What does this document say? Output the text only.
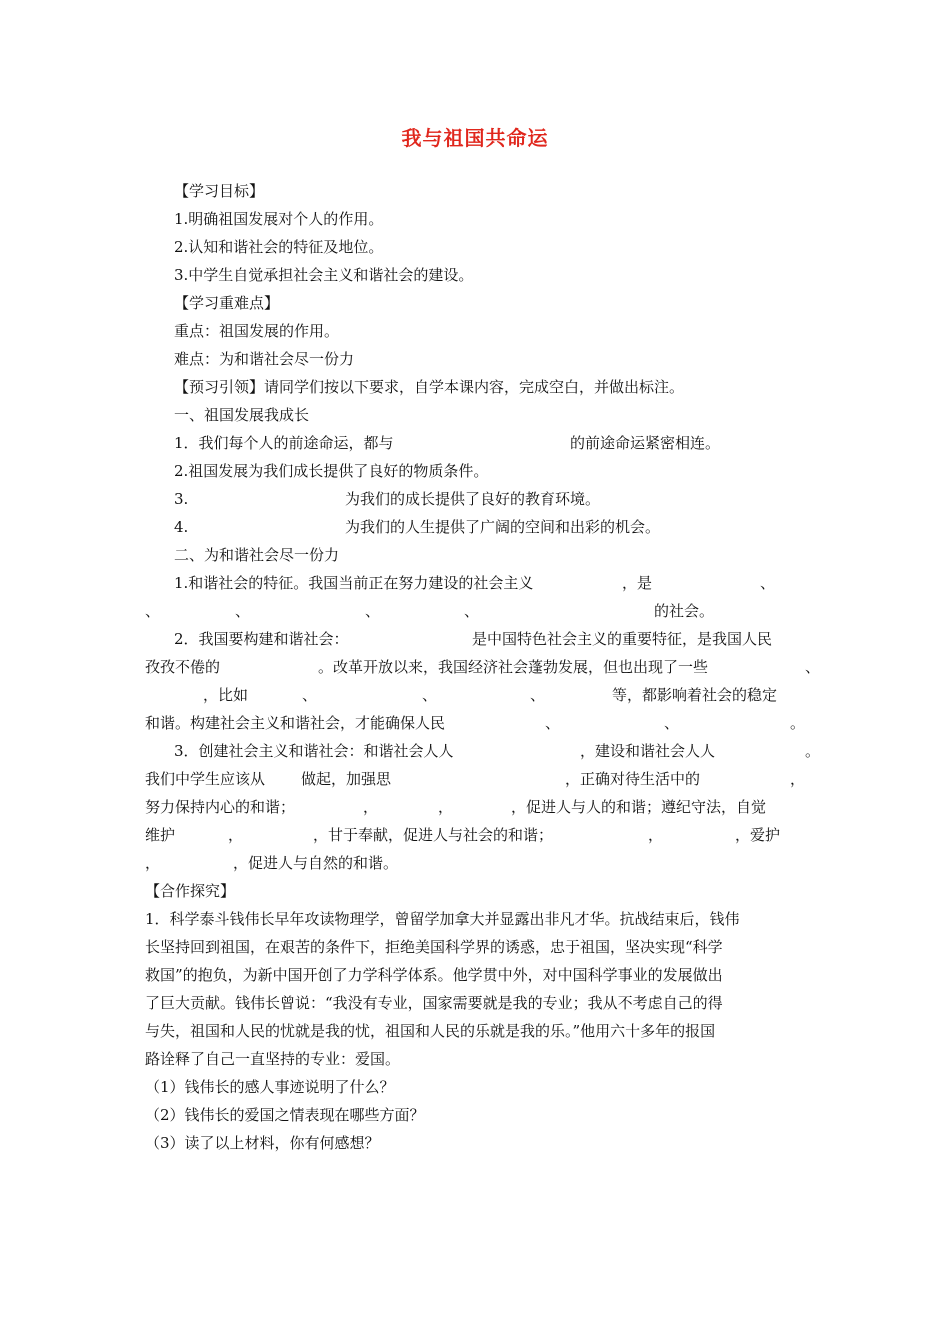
我与祖国共命运
【学习目标】
1.明确祖国发展对个人的作用。
2.认知和谐社会的特征及地位。
3.中学生自觉承担社会主义和谐社会的建设。
【学习重难点】
重点：祖国发展的作用。
难点：为和谐社会尽一份力
【预习引领】请同学们按以下要求，自学本课内容，完成空白，并做出标注。
一、祖国发展我成长
1．我们每个人的前途命运，都与	的前途命运紧密相连。
2.祖国发展为我们成长提供了良好的物质条件。
3.	为我们的成长提供了良好的教育环境。
4.	为我们的人生提供了广阔的空间和出彩的机会。
二、为和谐社会尽一份力
1.和谐社会的特征。我国当前正在努力建设的社会主义	，是	、
、	、	、	、	的社会。
2．我国要构建和谐社会：	是中国特色社会主义的重要特征，是我国人民
孜孜不倦的	。改革开放以来，我国经济社会蓬勃发展，但也出现了一些	、
，比如	、	、	、	等，都影响着社会的稳定
和谐。构建社会主义和谐社会，才能确保人民	、	、	。
3．创建社会主义和谐社会：和谐社会人人	，建设和谐社会人人	。
我们中学生应该从 做起，加强思	，正确对待生活中的	，
努力保持内心的和谐；	，	，	，促进人与人的和谐；遵纪守法，自觉
维护	，	，甘于奉献，促进人与社会的和谐；	，	，爱护
，	，促进人与自然的和谐。
【合作探究】
1．科学泰斗钱伟长早年攻读物理学，曾留学加拿大并显露出非凡才华。抗战结束后，钱伟
长坚持回到祖国，在艰苦的条件下，拒绝美国科学界的诱惑，忠于祖国，坚决实现“科学
救国”的抱负，为新中国开创了力学科学体系。他学贯中外，对中国科学事业的发展做出
了巨大贡献。钱伟长曾说：“我没有专业，国家需要就是我的专业；我从不考虑自己的得
与失，祖国和人民的忧就是我的忧，祖国和人民的乐就是我的乐。”他用六十多年的报国
路诠释了自己一直坚持的专业：爱国。
（1）钱伟长的感人事迹说明了什么？
（2）钱伟长的爱国之情表现在哪些方面？
（3）读了以上材料，你有何感想？
